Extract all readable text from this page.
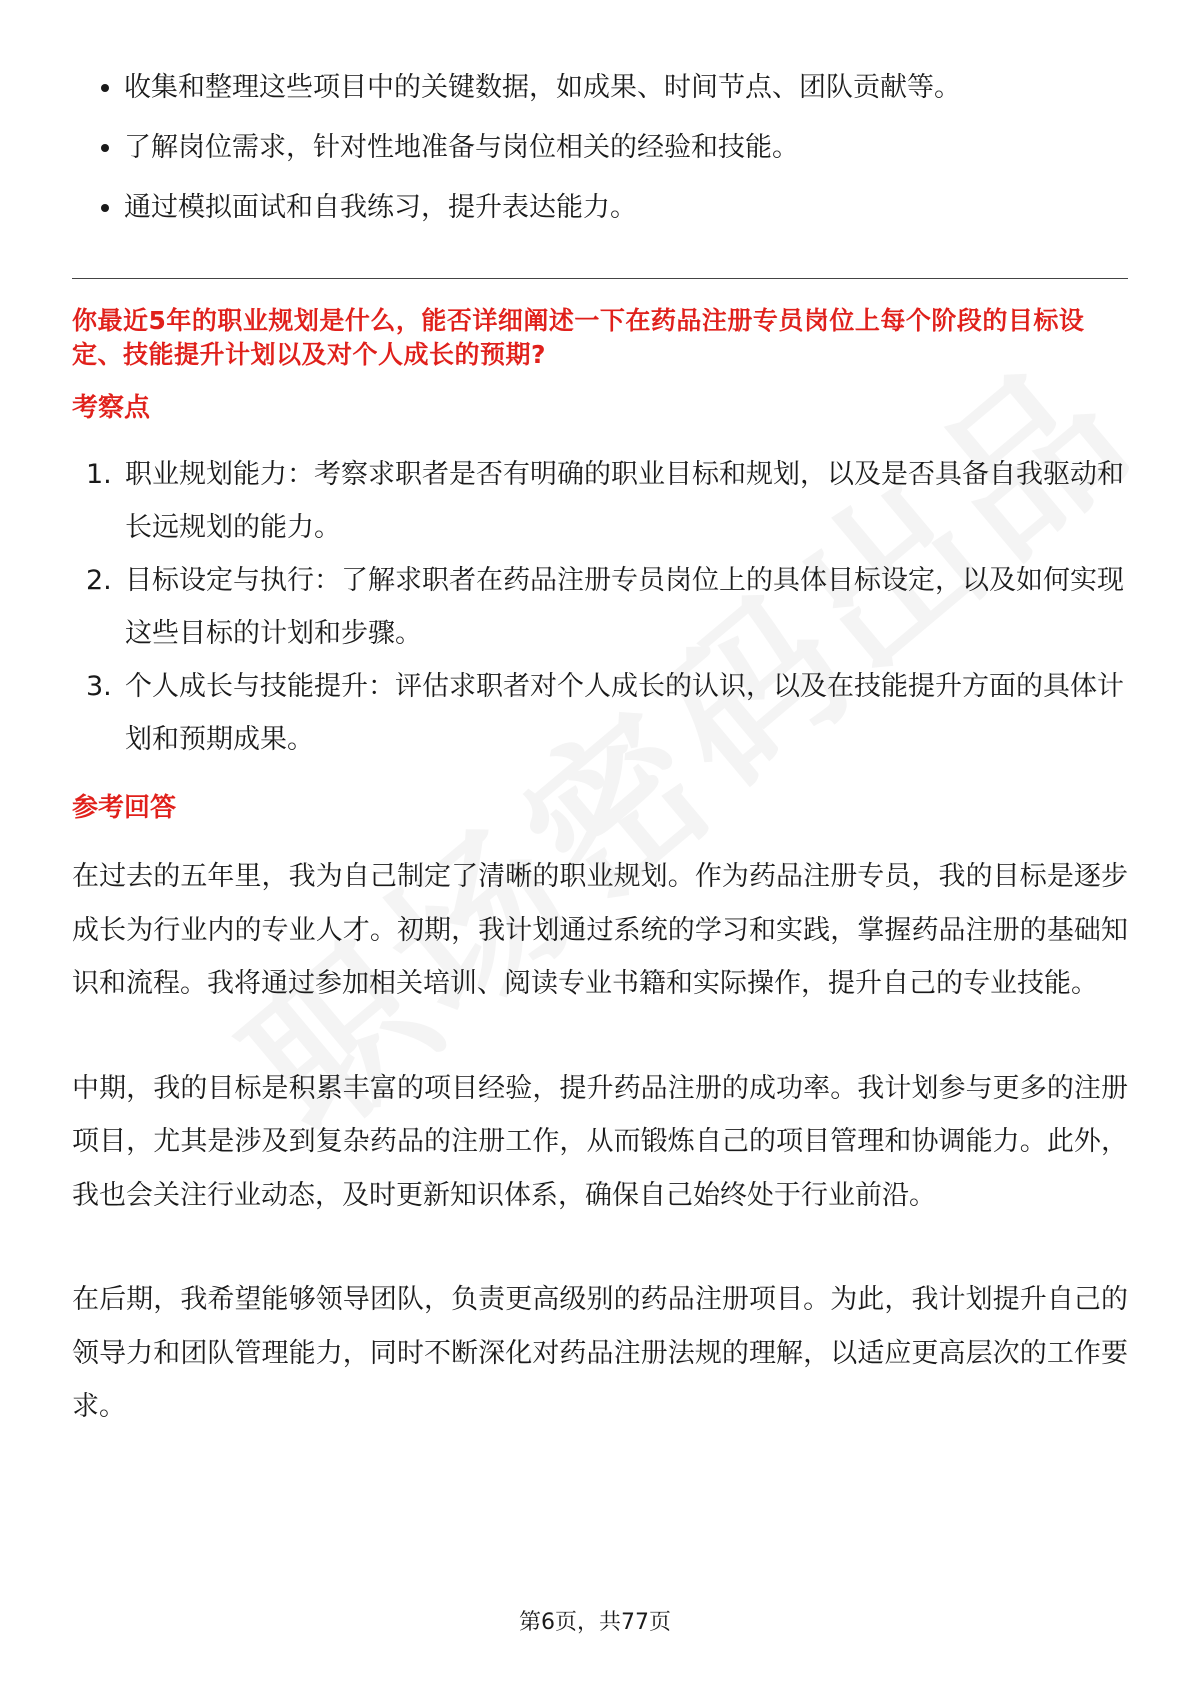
收集和整理这些项目中的关键数据，如成果、时间节点、团队贡献等。
了解岗位需求，针对性地准备与岗位相关的经验和技能。
通过模拟面试和自我练习，提升表达能力。
你最近5年的职业规划是什么，能否详细阐述一下在药品注册专员岗位上每个阶段的目标设定、技能提升计划以及对个人成长的预期?
考察点
1. 职业规划能力：考察求职者是否有明确的职业目标和规划，以及是否具备自我驱动和长远规划的能力。
2. 目标设定与执行：了解求职者在药品注册专员岗位上的具体目标设定，以及如何实现这些目标的计划和步骤。
3. 个人成长与技能提升：评估求职者对个人成长的认识，以及在技能提升方面的具体计划和预期成果。
参考回答

在过去的五年里，我为自己制定了清晰的职业规划。作为药品注册专员，我的目标是逐步成长为行业内的专业人才。初期，我计划通过系统的学习和实践，掌握药品注册的基础知识和流程。我将通过参加相关培训、阅读专业书籍和实际操作，提升自己的专业技能。

中期，我的目标是积累丰富的项目经验，提升药品注册的成功率。我计划参与更多的注册项目，尤其是涉及到复杂药品的注册工作，从而锻炼自己的项目管理和协调能力。此外，我也会关注行业动态，及时更新知识体系，确保自己始终处于行业前沿。

在后期，我希望能够领导团队，负责更高级别的药品注册项目。为此，我计划提升自己的领导力和团队管理能力，同时不断深化对药品注册法规的理解，以适应更高层次的工作要求。

第6页，共77页
